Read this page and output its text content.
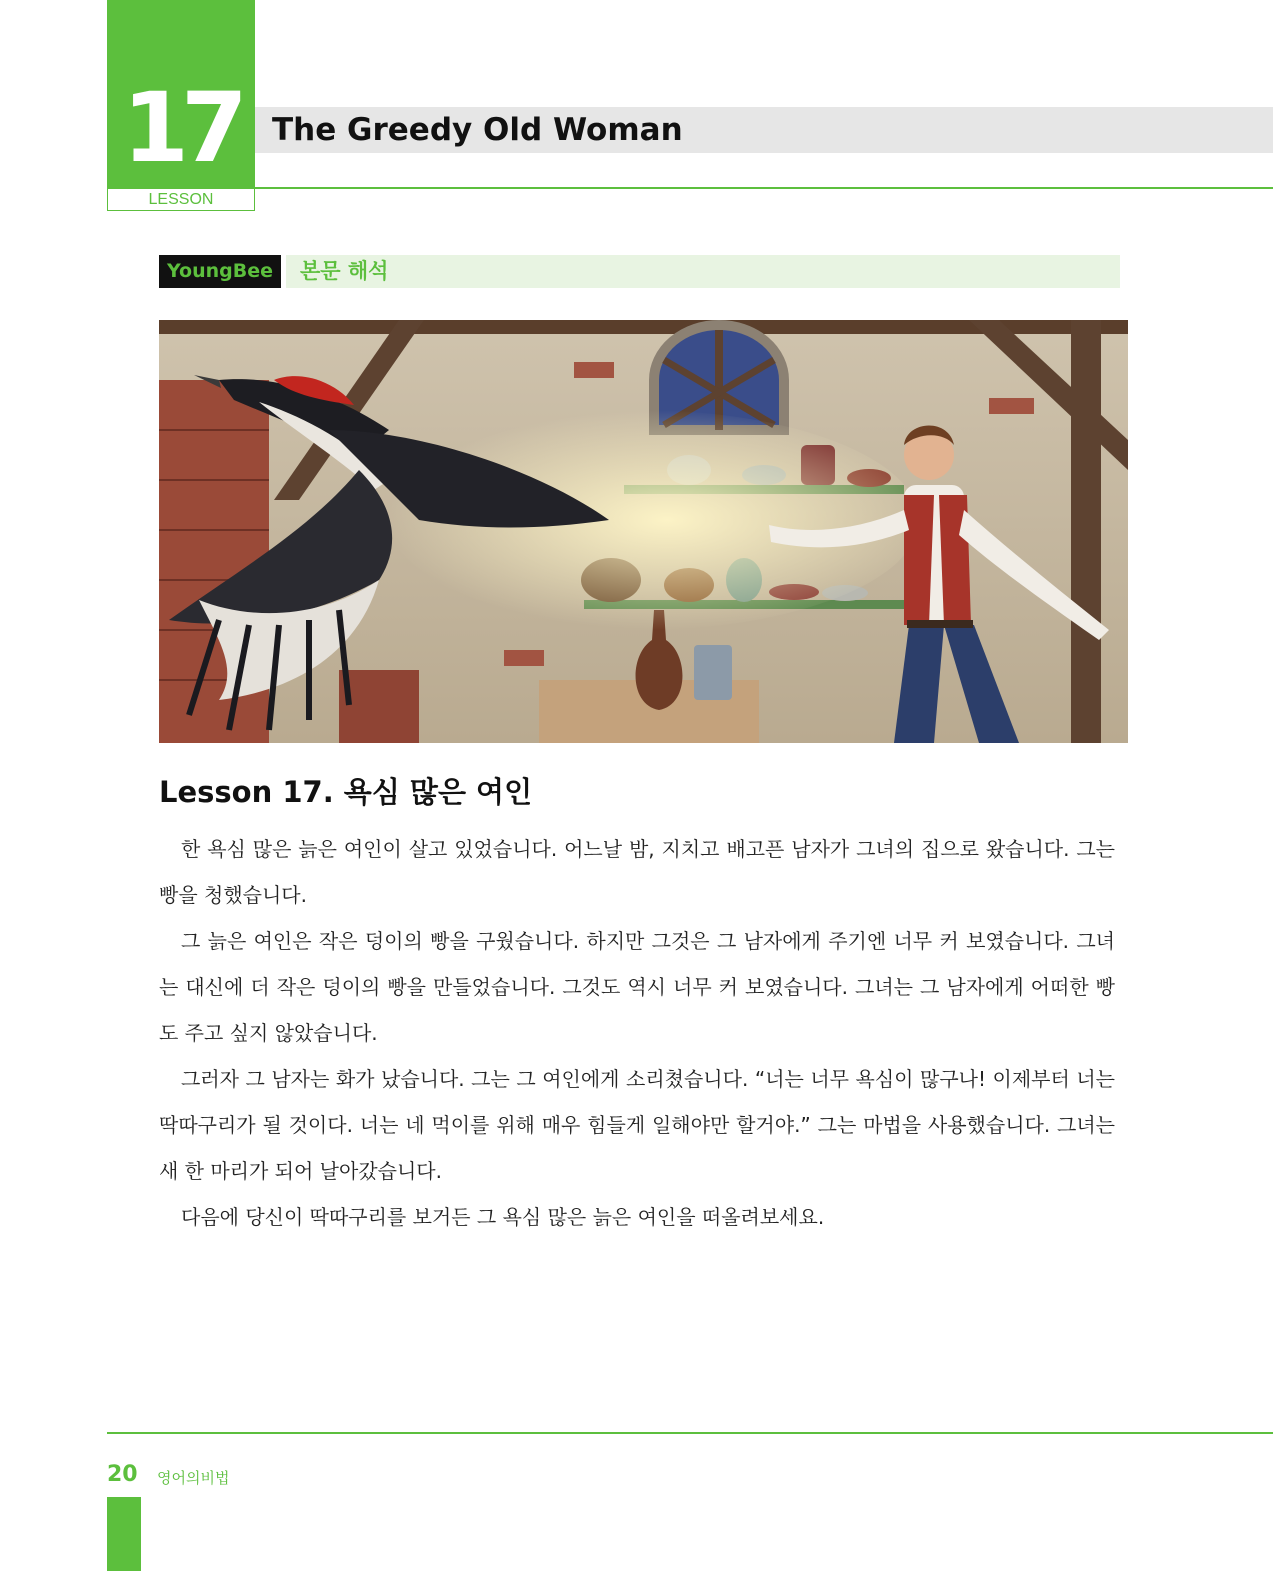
17
LESSON
The Greedy Old Woman
YoungBee	본문 해석
Lesson 17. 욕심 많은 여인

한 욕심 많은 늙은 여인이 살고 있었습니다. 어느날 밤, 지치고 배고픈 남자가 그녀의 집으로 왔습니다. 그는 빵을 청했습니다.

그 늙은 여인은 작은 덩이의 빵을 구웠습니다. 하지만 그것은 그 남자에게 주기엔 너무 커 보였습니다. 그녀는 대신에 더 작은 덩이의 빵을 만들었습니다. 그것도 역시 너무 커 보였습니다. 그녀는 그 남자에게 어떠한 빵도 주고 싶지 않았습니다.

그러자 그 남자는 화가 났습니다. 그는 그 여인에게 소리쳤습니다. “너는 너무 욕심이 많구나! 이제부터 너는 딱따구리가 될 것이다. 너는 네 먹이를 위해 매우 힘들게 일해야만 할거야.” 그는 마법을 사용했습니다. 그녀는 새 한 마리가 되어 날아갔습니다.

다음에 당신이 딱따구리를 보거든 그 욕심 많은 늙은 여인을 떠올려보세요.

20 영어의비법
